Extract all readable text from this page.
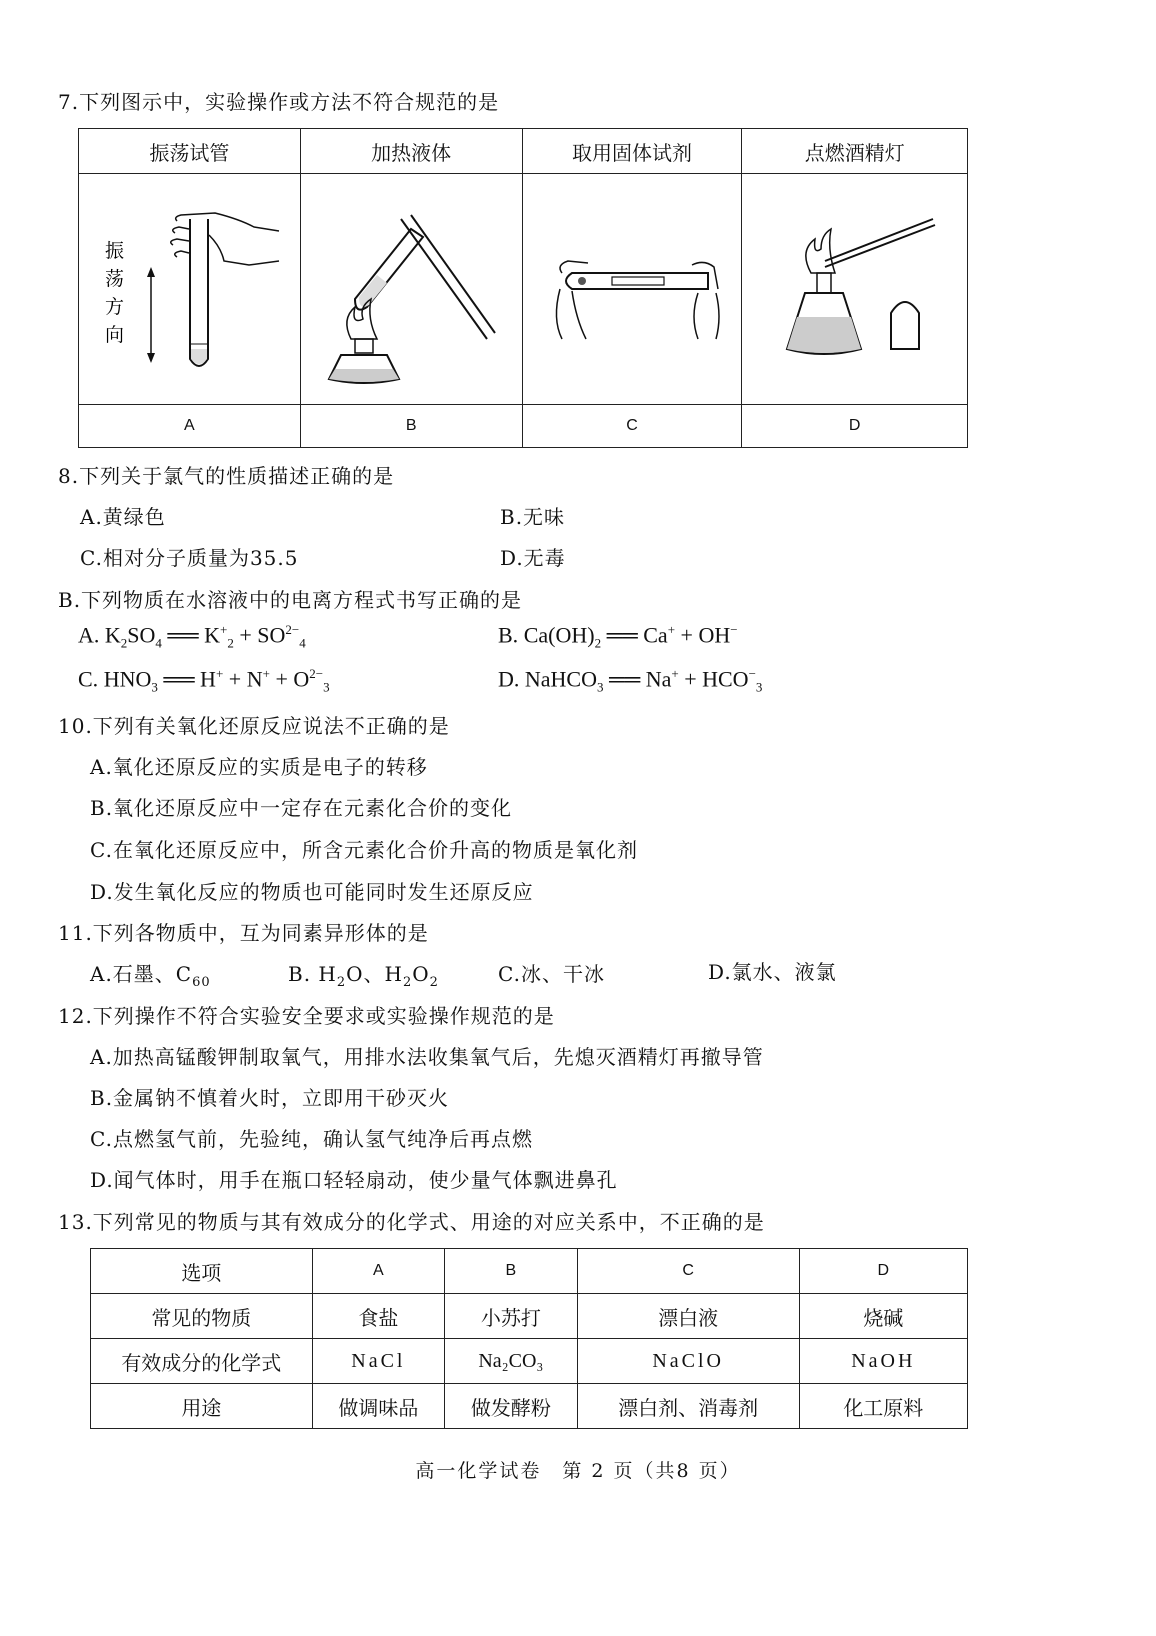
7.下列图示中，实验操作或方法不符合规范的是
振荡试管	加热液体	取用固体试剂	点燃酒精灯

振
荡
方
向

A	B	C	D
8.下列关于氯气的性质描述正确的是
A.黄绿色	B.无味
C.相对分子质量为35.5	D.无毒
B.下列物质在水溶液中的电离方程式书写正确的是
A. $K_2SO_4$ ══ $K^+_2 + SO^{2-}_4$	B. $Ca(OH)_2$ ══ Ca+ + OH−
C. $HNO_3$ ══ $H^+ + N^+ + O^{2-}_3$	D. NaHCO$_3$ ══ $Na^+ + HCO^-_3$
10.下列有关氧化还原反应说法不正确的是
A.氧化还原反应的实质是电子的转移
B.氧化还原反应中一定存在元素化合价的变化
C.在氧化还原反应中，所含元素化合价升高的物质是氧化剂
D.发生氧化反应的物质也可能同时发生还原反应
11.下列各物质中，互为同素异形体的是
A.石墨、$C_{60}$	B. $H_2O$、$H_2O_2$	C.冰、干冰	D.氯水、液氯
12.下列操作不符合实验安全要求或实验操作规范的是
A.加热高锰酸钾制取氧气，用排水法收集氧气后，先熄灭酒精灯再撤导管
B.金属钠不慎着火时，立即用干砂灭火
C.点燃氢气前，先验纯，确认氢气纯净后再点燃
D.闻气体时，用手在瓶口轻轻扇动，使少量气体飘进鼻孔
13.下列常见的物质与其有效成分的化学式、用途的对应关系中，不正确的是
选项	A	B	C	D
常见的物质	食盐	小苏打	漂白液	烧碱
有效成分的化学式	NaCl	Na₂CO₃	NaClO	NaOH
用途	做调味品	做发酵粉	漂白剂、消毒剂	化工原料
高一化学试卷　第 2 页（共8 页）
